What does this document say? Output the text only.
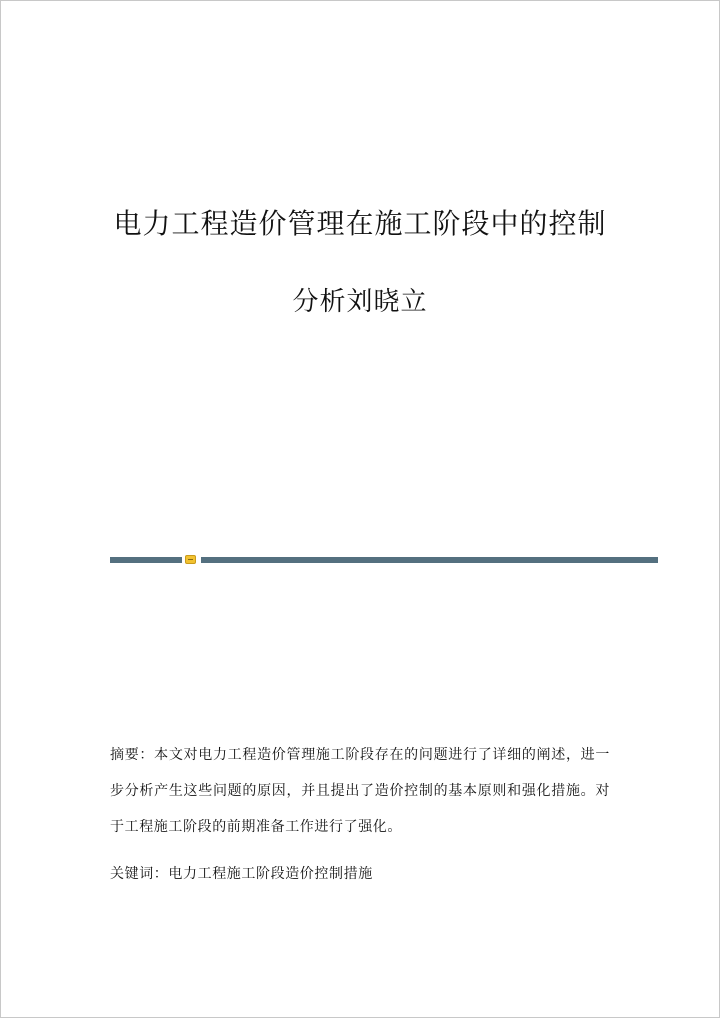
电力工程造价管理在施工阶段中的控制
分析刘晓立
摘要：本文对电力工程造价管理施工阶段存在的问题进行了详细的阐述，进一步分析产生这些问题的原因，并且提出了造价控制的基本原则和强化措施。对于工程施工阶段的前期准备工作进行了强化。
关键词：电力工程施工阶段造价控制措施
